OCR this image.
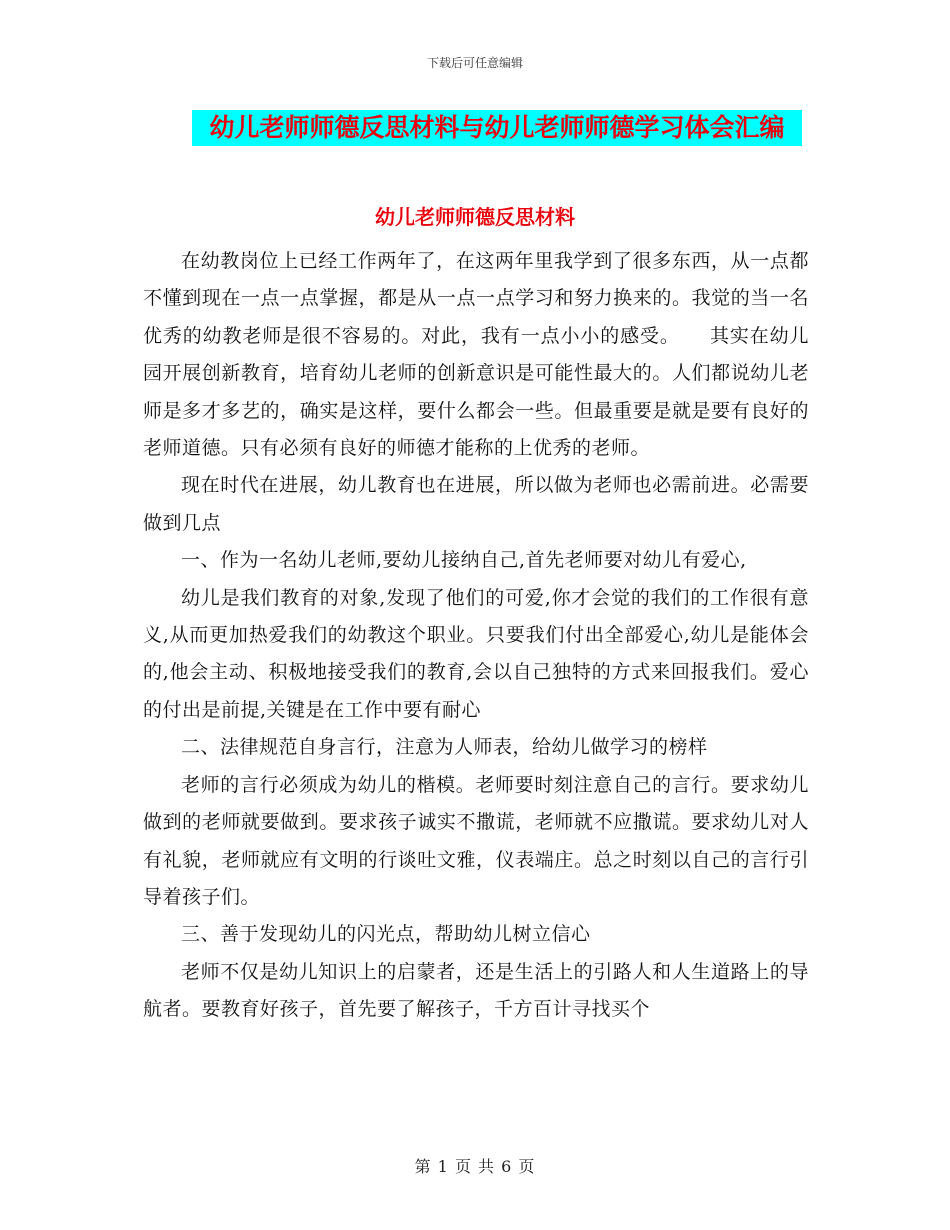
下载后可任意编辑
幼儿老师师德反思材料与幼儿老师师德学习体会汇编
幼儿老师师德反思材料

在幼教岗位上已经工作两年了，在这两年里我学到了很多东西，从一点都不懂到现在一点一点掌握，都是从一点一点学习和努力换来的。我觉的当一名优秀的幼教老师是很不容易的。对此，我有一点小小的感受。　　其实在幼儿园开展创新教育，培育幼儿老师的创新意识是可能性最大的。人们都说幼儿老师是多才多艺的，确实是这样，要什么都会一些。但最重要是就是要有良好的老师道德。只有必须有良好的师德才能称的上优秀的老师。

现在时代在进展，幼儿教育也在进展，所以做为老师也必需前进。必需要做到几点

一、作为一名幼儿老师,要幼儿接纳自己,首先老师要对幼儿有爱心,

幼儿是我们教育的对象,发现了他们的可爱,你才会觉的我们的工作很有意义,从而更加热爱我们的幼教这个职业。只要我们付出全部爱心,幼儿是能体会的,他会主动、积极地接受我们的教育,会以自己独特的方式来回报我们。爱心的付出是前提,关键是在工作中要有耐心

二、法律规范自身言行，注意为人师表，给幼儿做学习的榜样

老师的言行必须成为幼儿的楷模。老师要时刻注意自己的言行。要求幼儿做到的老师就要做到。要求孩子诚实不撒谎，老师就不应撒谎。要求幼儿对人有礼貌，老师就应有文明的行谈吐文雅，仪表端庄。总之时刻以自己的言行引导着孩子们。

三、善于发现幼儿的闪光点，帮助幼儿树立信心

老师不仅是幼儿知识上的启蒙者，还是生活上的引路人和人生道路上的导航者。要教育好孩子，首先要了解孩子，千方百计寻找买个

第 1 页 共 6 页
